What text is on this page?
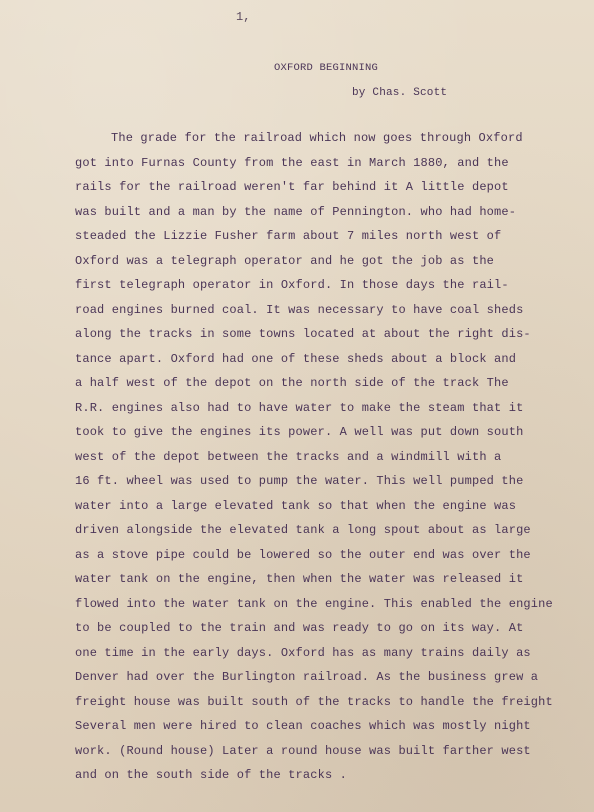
1,
OXFORD BEGINNING
by Chas. Scott
The grade for the railroad which now goes through Oxford
got into Furnas County from the east in March 1880, and the
rails for the railroad weren't far behind it A little depot
was built and a man by the name of Pennington. who had home-
steaded the Lizzie Fusher farm about 7 miles north west of
Oxford was a telegraph operator and he got the job as the
first telegraph operator in Oxford. In those days the rail-
road engines burned coal. It was necessary to have coal sheds
along the tracks in some towns located at about the right dis-
tance apart. Oxford had one of these sheds about a block and
a half west of the depot on the north side of the track The
R.R. engines also had to have water to make the steam that it
took to give the engines its power. A well was put down south
west of the depot between the tracks and a windmill with a
16 ft. wheel was used to pump the water. This well pumped the
water into a large elevated tank so that when the engine was
driven alongside the elevated tank a long spout about as large
as a stove pipe could be lowered so the outer end was over the
water tank on the engine, then when the water was released it
flowed into the water tank on the engine. This enabled the engine
to be coupled to the train and was ready to go on its way. At
one time in the early days. Oxford has as many trains daily as
Denver had over the Burlington railroad. As the business grew a
freight house was built south of the tracks to handle the freight
Several men were hired to clean coaches which was mostly night
work. (Round house) Later a round house was built farther west
and on the south side of the tracks .
